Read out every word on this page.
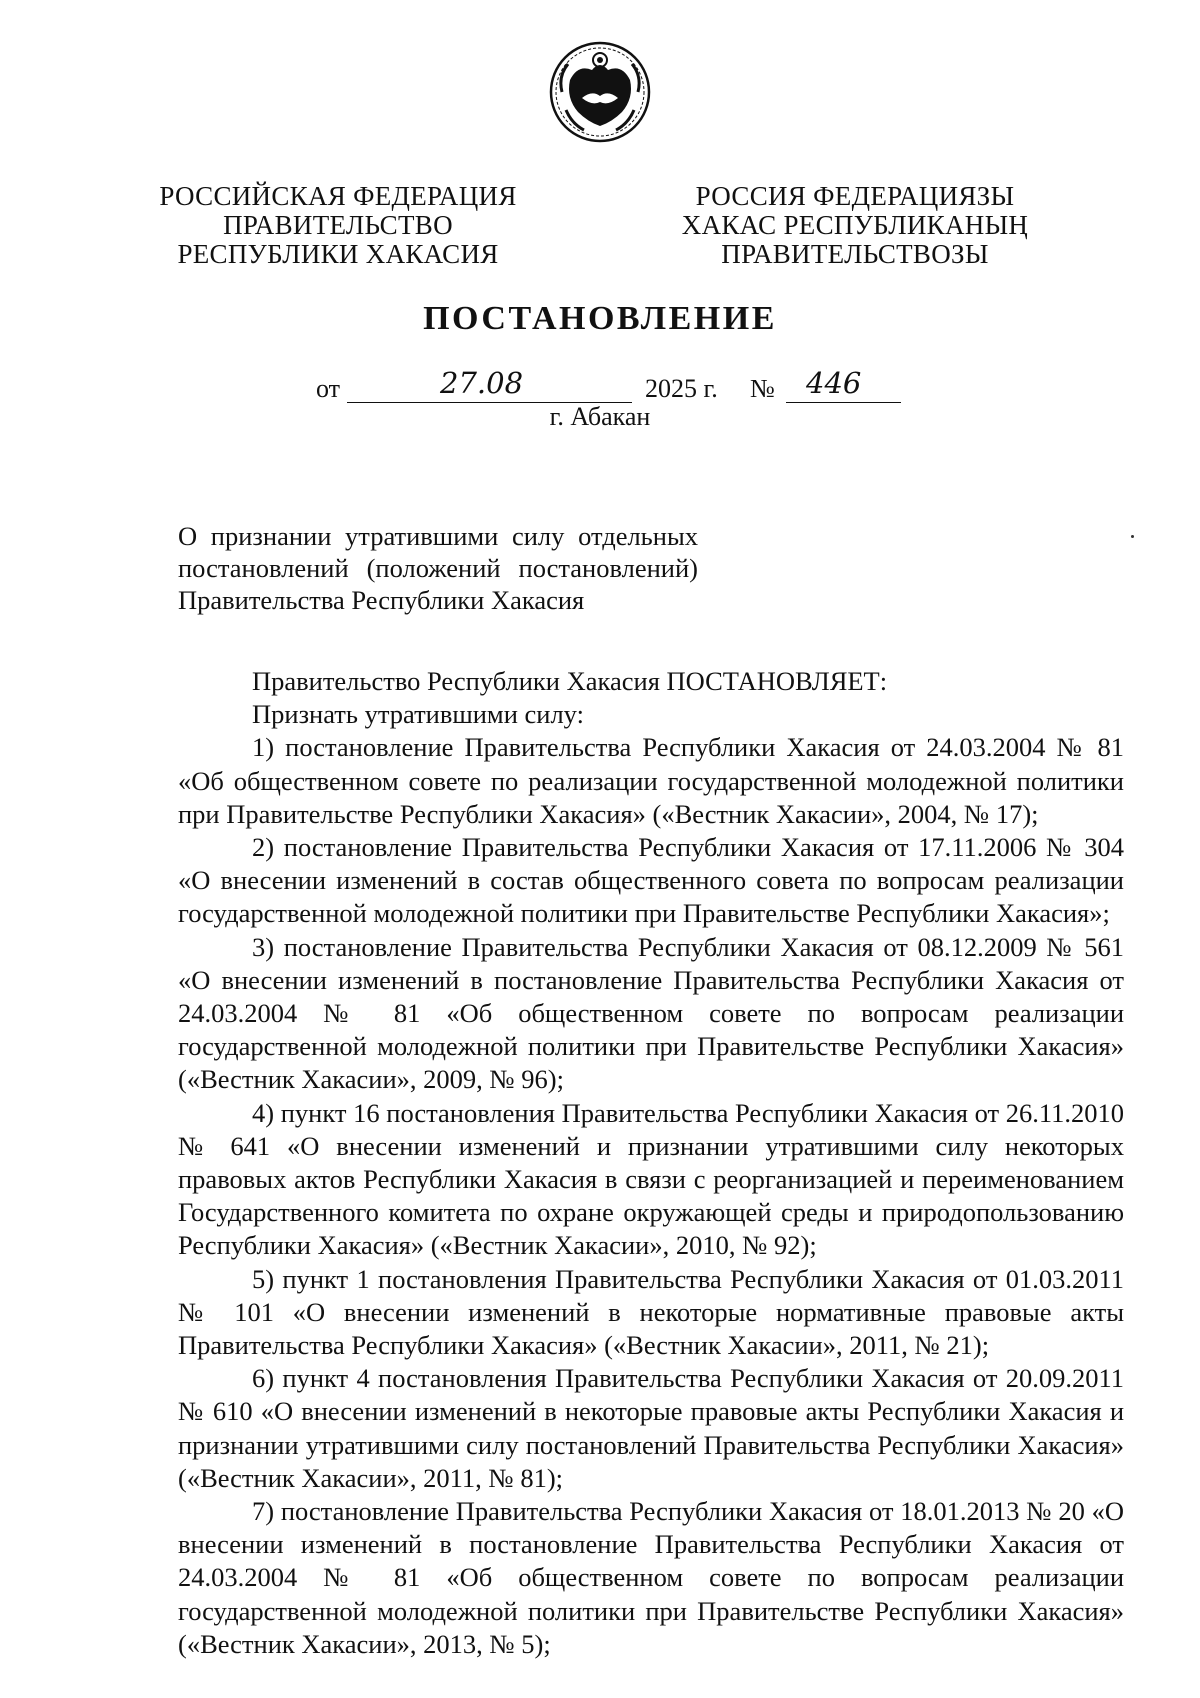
РОССИЙСКАЯ ФЕДЕРАЦИЯ
ПРАВИТЕЛЬСТВО
РЕСПУБЛИКИ ХАКАСИЯ
РОССИЯ ФЕДЕРАЦИЯЗЫ
ХАКАС РЕСПУБЛИКАНЫҢ
ПРАВИТЕЛЬСТВОЗЫ
ПОСТАНОВЛЕНИЕ
от	27.08	2025 г. № 446
г. Абакан
О признании утратившими силу отдельных
постановлений (положений постановлений)
Правительства Республики Хакасия

Правительство Республики Хакасия ПОСТАНОВЛЯЕТ:

Признать утратившими силу:

1) постановление Правительства Республики Хакасия от 24.03.2004 № 81 «Об общественном совете по реализации государственной молодежной политики при Правительстве Республики Хакасия» («Вестник Хакасии», 2004, № 17);

2) постановление Правительства Республики Хакасия от 17.11.2006 № 304 «О внесении изменений в состав общественного совета по вопросам реализации государственной молодежной политики при Правительстве Республики Хакасия»;

3) постановление Правительства Республики Хакасия от 08.12.2009 № 561 «О внесении изменений в постановление Правительства Республики Хакасия от 24.03.2004 № 81 «Об общественном совете по вопросам реализации государственной молодежной политики при Правительстве Республики Хакасия» («Вестник Хакасии», 2009, № 96);

4) пункт 16 постановления Правительства Республики Хакасия от 26.11.2010 № 641 «О внесении изменений и признании утратившими силу некоторых правовых актов Республики Хакасия в связи с реорганизацией и переименованием Государственного комитета по охране окружающей среды и природопользованию Республики Хакасия» («Вестник Хакасии», 2010, № 92);

5) пункт 1 постановления Правительства Республики Хакасия от 01.03.2011 № 101 «О внесении изменений в некоторые нормативные правовые акты Правительства Республики Хакасия» («Вестник Хакасии», 2011, № 21);

6) пункт 4 постановления Правительства Республики Хакасия от 20.09.2011 № 610 «О внесении изменений в некоторые правовые акты Республики Хакасия и признании утратившими силу постановлений Правительства Республики Хакасия» («Вестник Хакасии», 2011, № 81);

7) постановление Правительства Республики Хакасия от 18.01.2013 № 20 «О внесении изменений в постановление Правительства Республики Хакасия от 24.03.2004 № 81 «Об общественном совете по вопросам реализации государственной молодежной политики при Правительстве Республики Хакасия» («Вестник Хакасии», 2013, № 5);
